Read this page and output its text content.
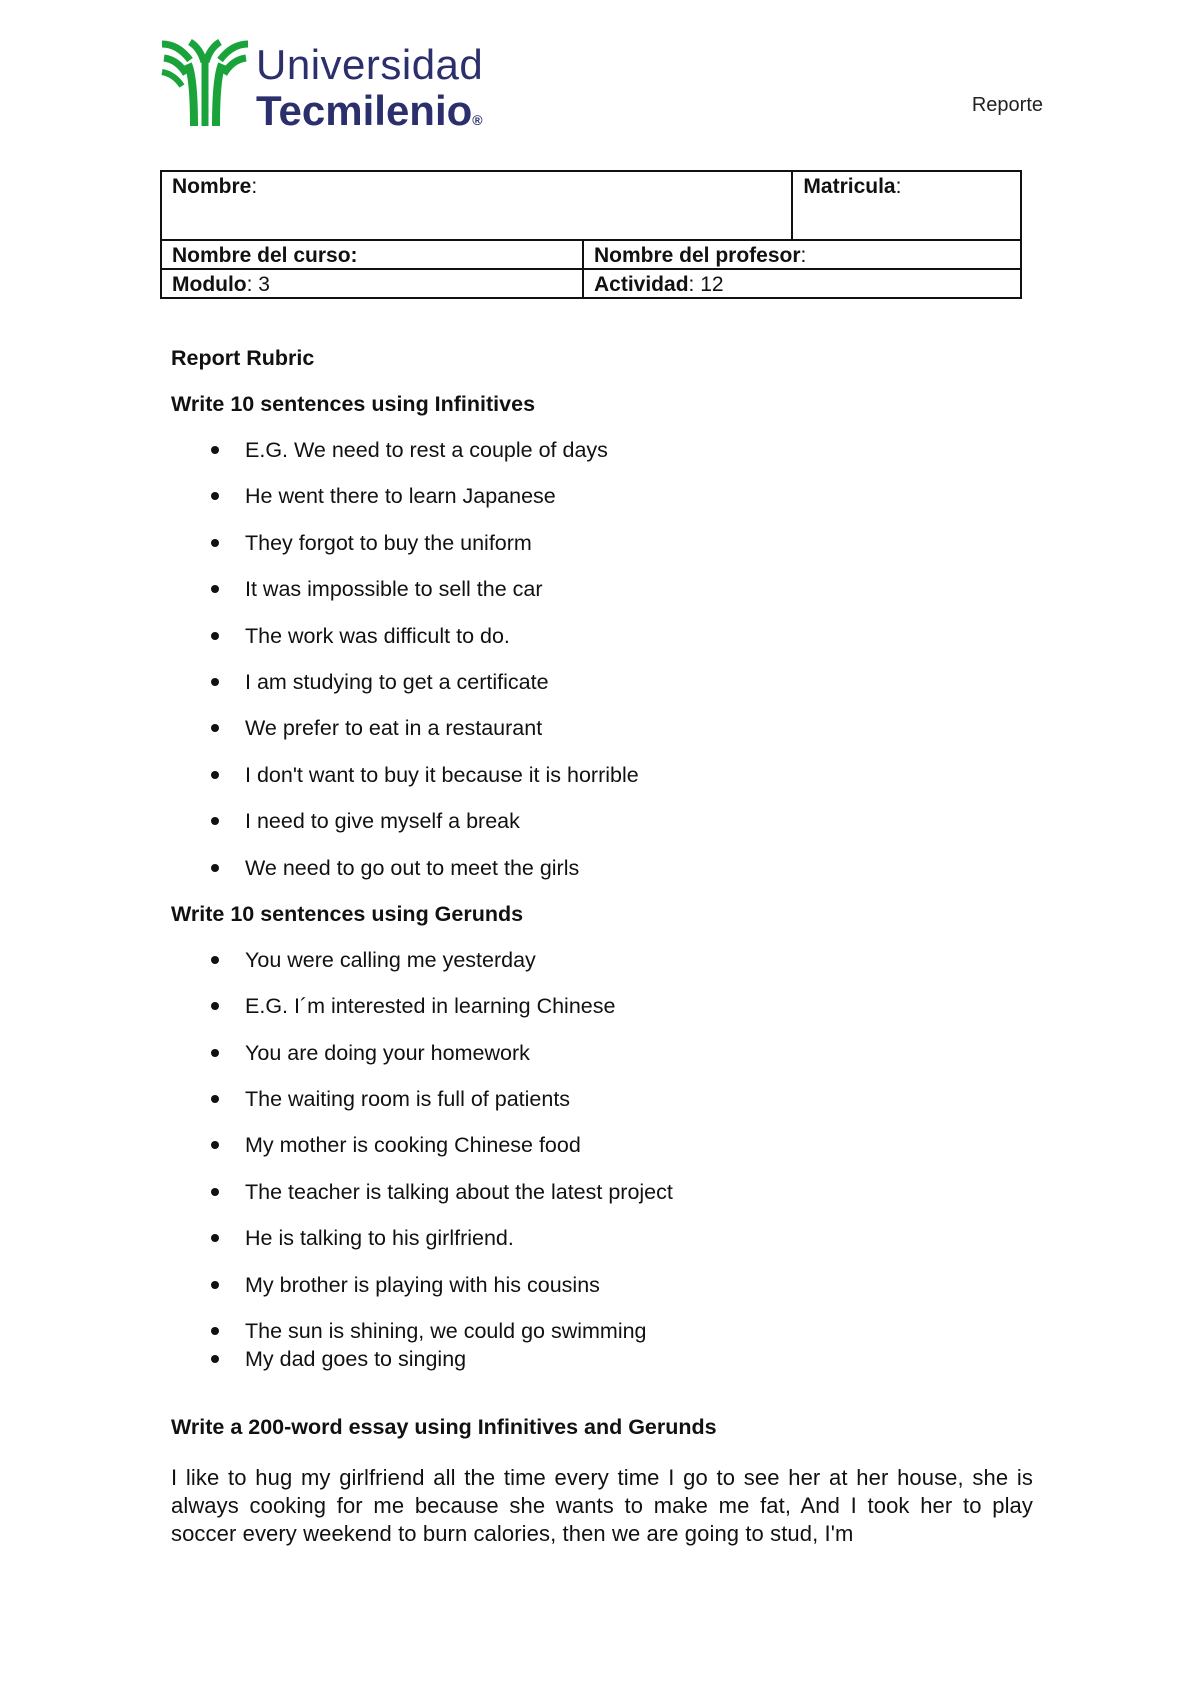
Universidad
Tecmilenio®
Reporte
Nombre:		Matricula:
Nombre del curso:	Nombre del profesor:	
Modulo: 3	Actividad: 12	

Report Rubric

Write 10 sentences using Infinitives

E.G. We need to rest a couple of days
He went there to learn Japanese
They forgot to buy the uniform
It was impossible to sell the car
The work was difficult to do.
I am studying to get a certificate
We prefer to eat in a restaurant
I don't want to buy it because it is horrible
I need to give myself a break
We need to go out to meet the girls

Write 10 sentences using Gerunds

You were calling me yesterday
E.G. I´m interested in learning Chinese
You are doing your homework
The waiting room is full of patients
My mother is cooking Chinese food
The teacher is talking about the latest project
He is talking to his girlfriend.
My brother is playing with his cousins
The sun is shining, we could go swimming
My dad goes to singing

Write a 200-word essay using Infinitives and Gerunds

I like to hug my girlfriend all the time every time I go to see her at her house, she is always cooking for me because she wants to make me fat, And I took her to play soccer every weekend to burn calories, then we are going to stud, I'm
